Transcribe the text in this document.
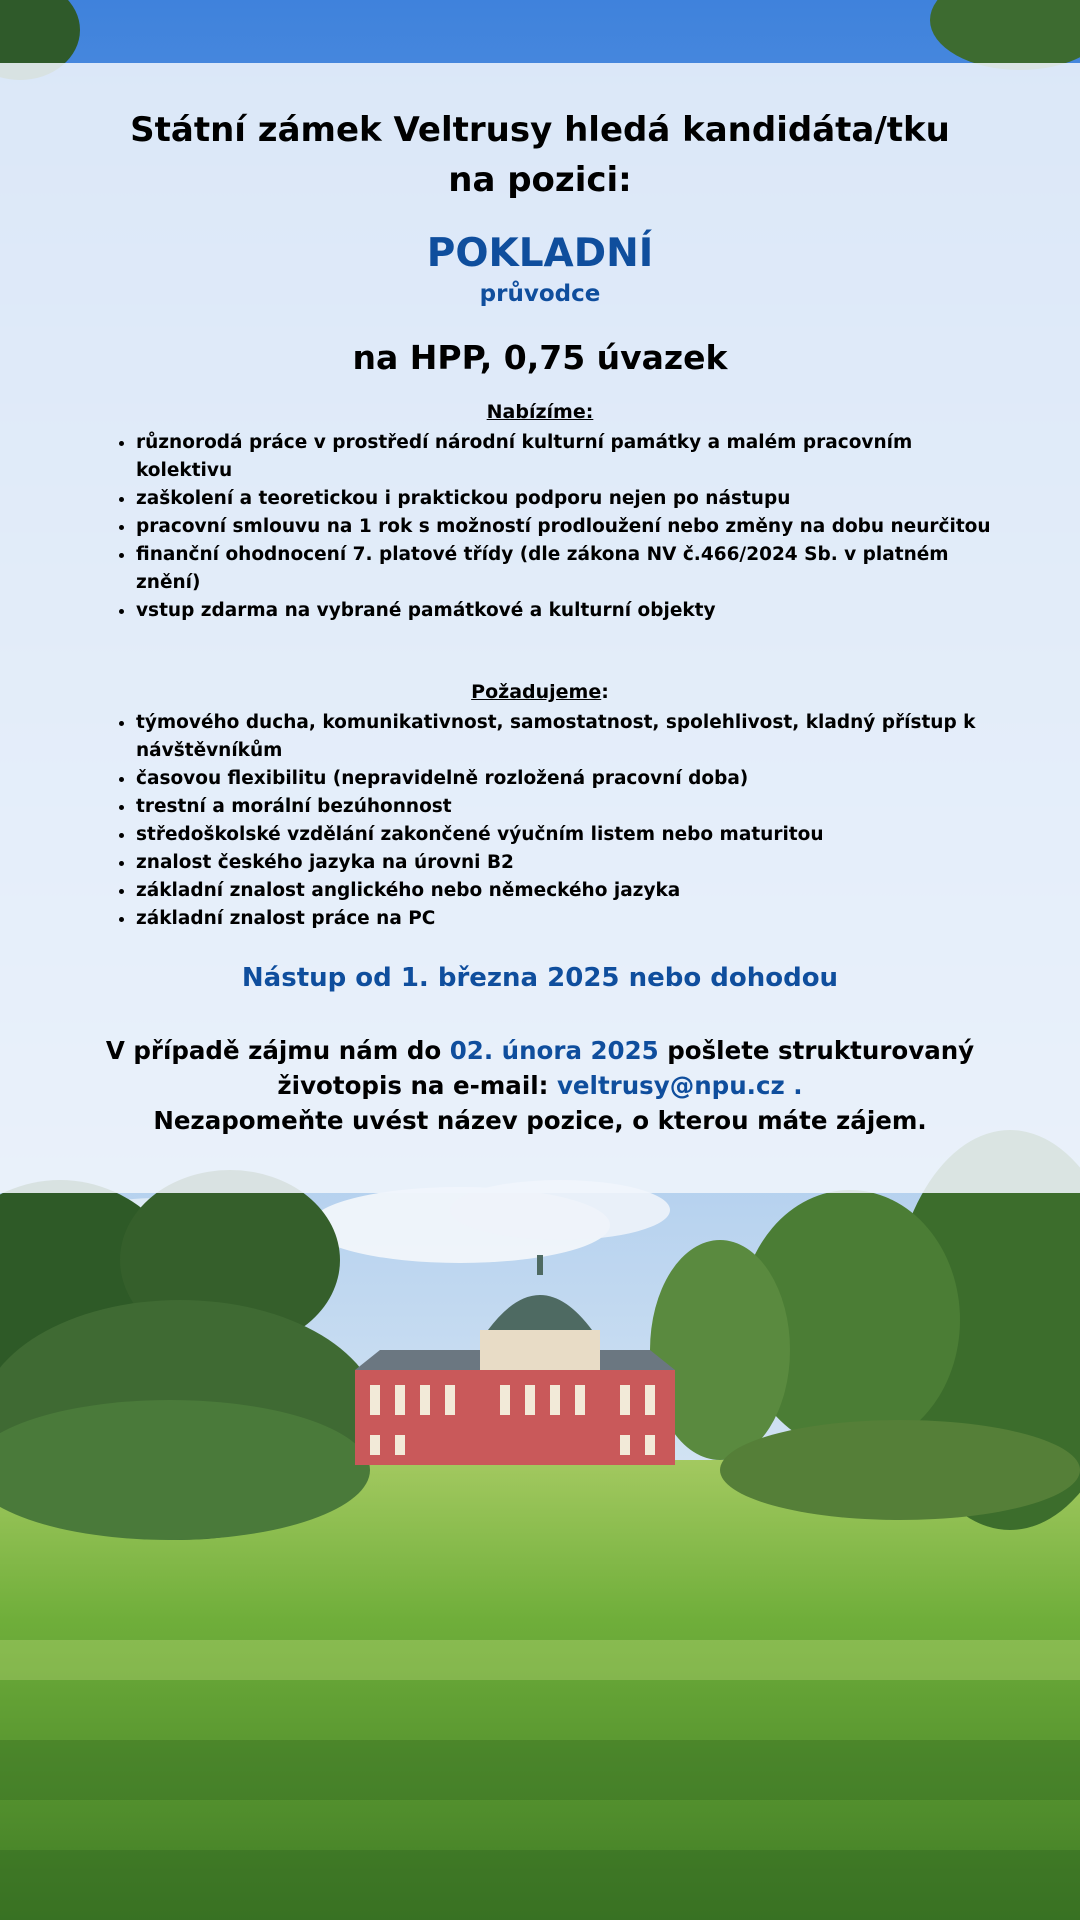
Státní zámek Veltrusy hledá kandidáta/tku na pozici:
POKLADNÍ
průvodce
na HPP, 0,75 úvazek
Nabízíme:
• různorodá práce v prostředí národní kulturní památky a malém pracovním kolektivu
• zaškolení a teoretickou i praktickou podporu nejen po nástupu
• pracovní smlouvu na 1 rok s možností prodloužení nebo změny na dobu neurčitou
• finanční ohodnocení 7. platové třídy (dle zákona NV č.466/2024 Sb. v platném znění)
• vstup zdarma na vybrané památkové a kulturní objekty
Požadujeme:
• týmového ducha, komunikativnost, samostatnost, spolehlivost, kladný přístup k návštěvníkům
• časovou flexibilitu (nepravidelně rozložená pracovní doba)
• trestní a morální bezúhonnost
• středoškolské vzdělání zakončené výučním listem nebo maturitou
• znalost českého jazyka na úrovni B2
• základní znalost anglického nebo německého jazyka
• základní znalost práce na PC
Nástup od 1. března 2025 nebo dohodou
V případě zájmu nám do 02. února 2025 pošlete strukturovaný životopis na e-mail: veltrusy@npu.cz .
Nezapomeňte uvést název pozice, o kterou máte zájem.
